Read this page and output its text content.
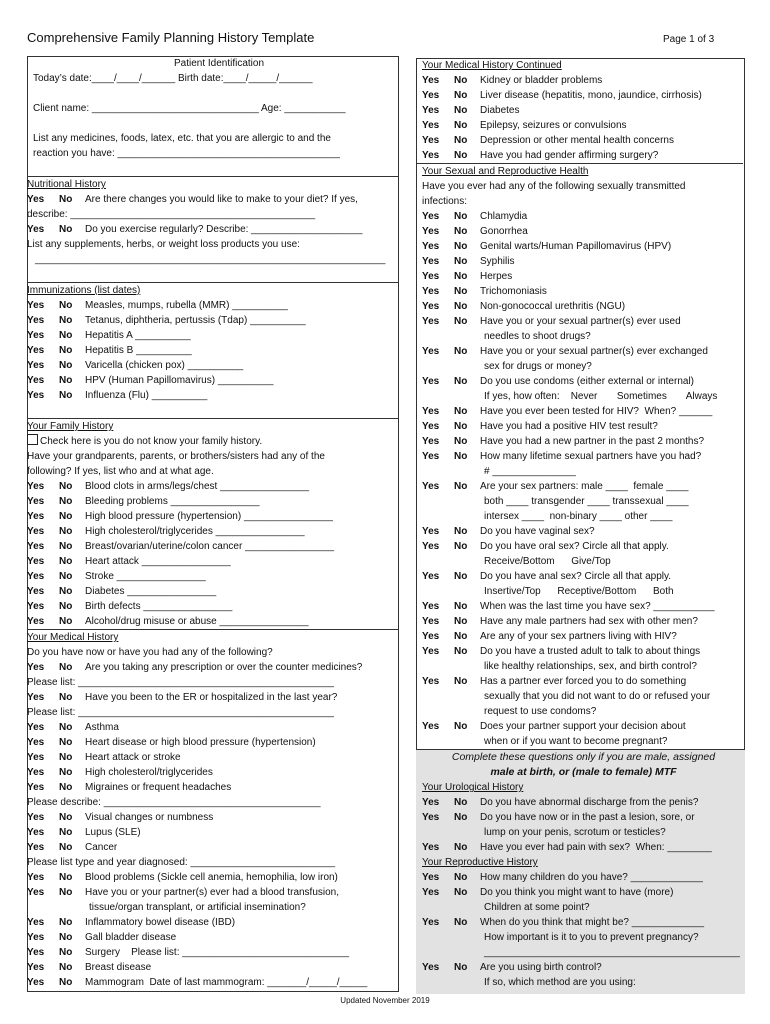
Comprehensive Family Planning History Template	Page 1 of 3
Patient Identification
Today’s date:____/____/______ Birth date:____/_____/______
Client name: ______________________________ Age: ___________
List any medicines, foods, latex, etc. that you are allergic to and the
reaction you have: ________________________________________
Nutritional History
Yes	No	Are there changes you would like to make to your diet? If yes,
describe: ____________________________________________
Yes	No	Do you exercise regularly? Describe: ____________________
List any supplements, herbs, or weight loss products you use:
_______________________________________________________________
Immunizations (list dates)
Yes	No	Measles, mumps, rubella (MMR) __________
Yes	No	Tetanus, diphtheria, pertussis (Tdap) __________
Yes	No	Hepatitis A __________
Yes	No	Hepatitis B __________
Yes	No	Varicella (chicken pox) __________
Yes	No	HPV (Human Papillomavirus) __________
Yes	No	Influenza (Flu) __________
Your Family History
Check here is you do not know your family history.
Have your grandparents, parents, or brothers/sisters had any of the
following? If yes, list who and at what age.
Yes	No	Blood clots in arms/legs/chest ________________
Yes	No	Bleeding problems ________________
Yes	No	High blood pressure (hypertension) ________________
Yes	No	High cholesterol/triglycerides ________________
Yes	No	Breast/ovarian/uterine/colon cancer ________________
Yes	No	Heart attack ________________
Yes	No	Stroke ________________
Yes	No	Diabetes ________________
Yes	No	Birth defects ________________
Yes	No	Alcohol/drug misuse or abuse ________________
Your Medical History
Do you have now or have you had any of the following?
Yes	No	Are you taking any prescription or over the counter medicines?
Please list: ______________________________________________
Yes	No	Have you been to the ER or hospitalized in the last year?
Please list: ______________________________________________
Yes	No	Asthma
Yes	No	Heart disease or high blood pressure (hypertension)
Yes	No	Heart attack or stroke
Yes	No	High cholesterol/triglycerides
Yes	No	Migraines or frequent headaches
Please describe: _______________________________________
Yes	No	Visual changes or numbness
Yes	No	Lupus (SLE)
Yes	No	Cancer
Please list type and year diagnosed: __________________________
Yes	No	Blood problems (Sickle cell anemia, hemophilia, low iron)
Yes	No	Have you or your partner(s) ever had a blood transfusion,
tissue/organ transplant, or artificial insemination?
Yes	No	Inflammatory bowel disease (IBD)
Yes	No	Gall bladder disease
Yes	No	Surgery    Please list: ______________________________
Yes	No	Breast disease
Yes	No	Mammogram  Date of last mammogram: _______/_____/_____
Your Medical History Continued
Yes	No	Kidney or bladder problems
Yes	No	Liver disease (hepatitis, mono, jaundice, cirrhosis)
Yes	No	Diabetes
Yes	No	Epilepsy, seizures or convulsions
Yes	No	Depression or other mental health concerns
Yes	No	Have you had gender affirming surgery?
Your Sexual and Reproductive Health
Have you ever had any of the following sexually transmitted
infections:
Yes	No	Chlamydia
Yes	No	Gonorrhea
Yes	No	Genital warts/Human Papillomavirus (HPV)
Yes	No	Syphilis
Yes	No	Herpes
Yes	No	Trichomoniasis
Yes	No	Non-gonococcal urethritis (NGU)
Yes	No	Have you or your sexual partner(s) ever used
needles to shoot drugs?
Yes	No	Have you or your sexual partner(s) ever exchanged
sex for drugs or money?
Yes	No	Do you use condoms (either external or internal)
If yes, how often:    Never       Sometimes       Always
Yes	No	Have you ever been tested for HIV?  When? ______
Yes	No	Have you had a positive HIV test result?
Yes	No	Have you had a new partner in the past 2 months?
Yes	No	How many lifetime sexual partners have you had?
# _______________
Yes	No	Are your sex partners: male ____  female ____
both ____ transgender ____ transsexual ____
intersex ____  non-binary ____ other ____
Yes	No	Do you have vaginal sex?
Yes	No	Do you have oral sex? Circle all that apply.
Receive/Bottom      Give/Top
Yes	No	Do you have anal sex? Circle all that apply.
Insertive/Top      Receptive/Bottom      Both
Yes	No	When was the last time you have sex? ___________
Yes	No	Have any male partners had sex with other men?
Yes	No	Are any of your sex partners living with HIV?
Yes	No	Do you have a trusted adult to talk to about things
like healthy relationships, sex, and birth control?
Yes	No	Has a partner ever forced you to do something
sexually that you did not want to do or refused your
request to use condoms?
Yes	No	Does your partner support your decision about
when or if you want to become pregnant?
Complete these questions only if you are male, assigned
male at birth, or (male to female) MTF
Your Urological History
Yes	No	Do you have abnormal discharge from the penis?
Yes	No	Do you have now or in the past a lesion, sore, or
lump on your penis, scrotum or testicles?
Yes	No	Have you ever had pain with sex?  When: ________
Your Reproductive History
Yes	No	How many children do you have? _____________
Yes	No	Do you think you might want to have (more)
Children at some point?
Yes	No	When do you think that might be? _____________
How important is it to you to prevent pregnancy?
______________________________________________
Yes	No	Are you using birth control?
If so, which method are you using:
Updated November 2019
